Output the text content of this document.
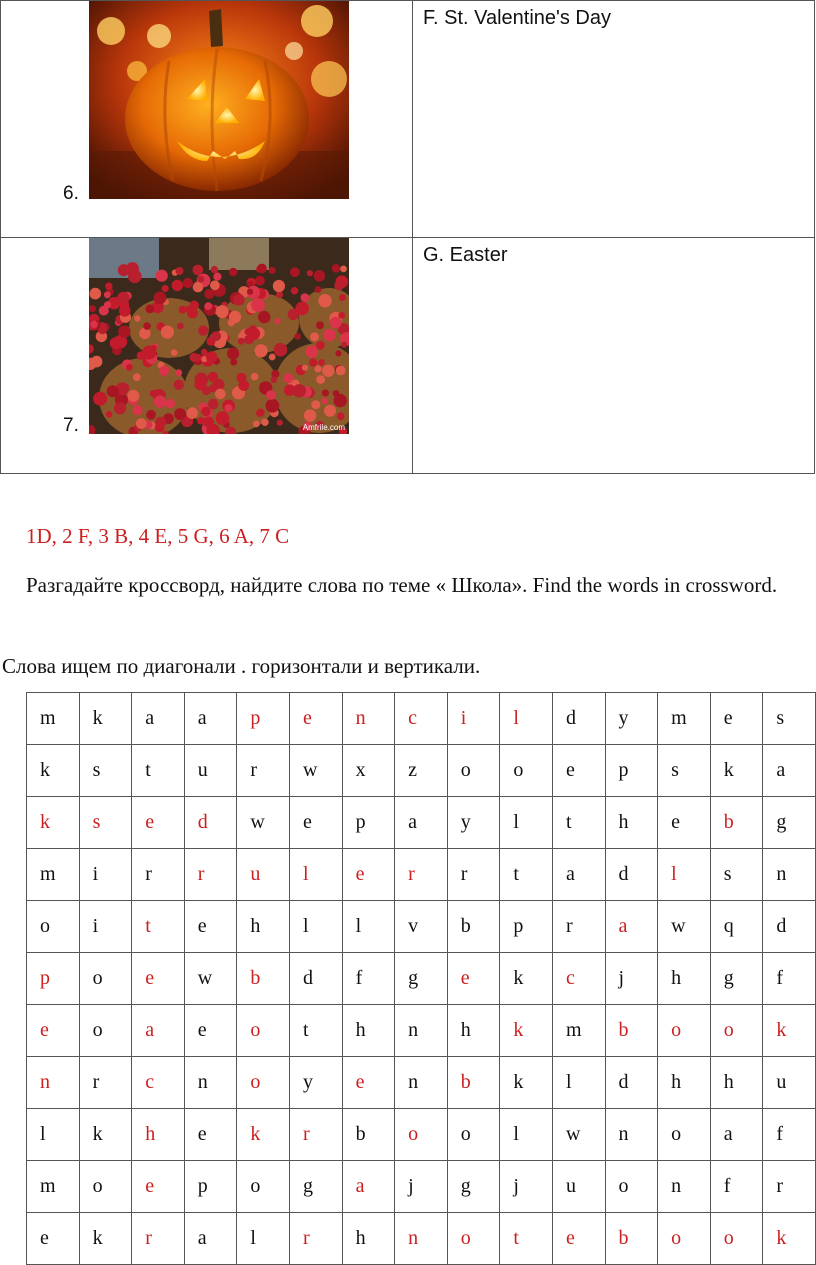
6.	F. St. Valentine's Day

Amfrile.com
7.	G. Easter
1D, 2 F, 3 B, 4 E, 5 G, 6 A, 7 C
Разгадайте кроссворд, найдите слова по теме « Школа». Find the words in crossword.
Слова ищем по диагонали . горизонтали и вертикали.
m	k	a	a	p	e	n	c	i	l	d	y	m	e	s
k	s	t	u	r	w	x	z	o	o	e	p	s	k	a
k	s	e	d	w	e	p	a	y	l	t	h	e	b	g
m	i	r	r	u	l	e	r	r	t	a	d	l	s	n
o	i	t	e	h	l	l	v	b	p	r	a	w	q	d
p	o	e	w	b	d	f	g	e	k	c	j	h	g	f
e	o	a	e	o	t	h	n	h	k	m	b	o	o	k
n	r	c	n	o	y	e	n	b	k	l	d	h	h	u
l	k	h	e	k	r	b	o	o	l	w	n	o	a	f
m	o	e	p	o	g	a	j	g	j	u	o	n	f	r
e	k	r	a	l	r	h	n	o	t	e	b	o	o	k
